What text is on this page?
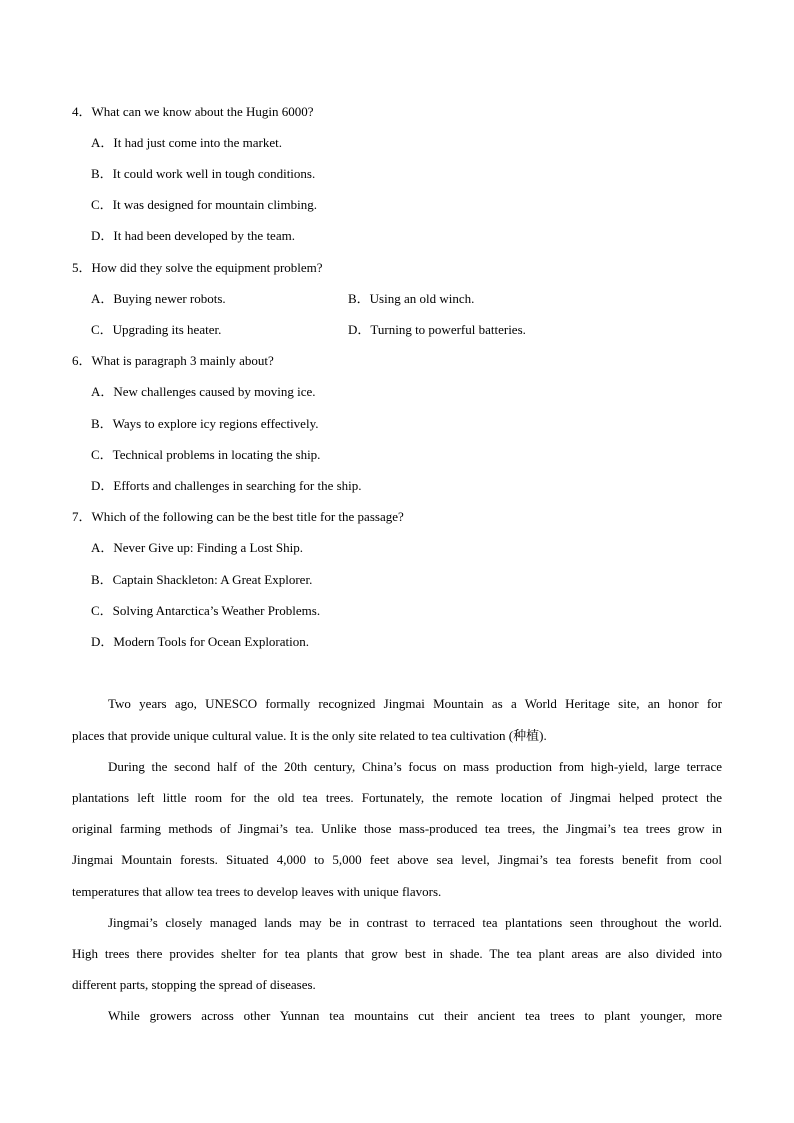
4．What can we know about the Hugin 6000?
A．It had just come into the market.
B．It could work well in tough conditions.
C．It was designed for mountain climbing.
D．It had been developed by the team.
5．How did they solve the equipment problem?
A．Buying newer robots.	B．Using an old winch.
C．Upgrading its heater.	D．Turning to powerful batteries.
6．What is paragraph 3 mainly about?
A．New challenges caused by moving ice.
B．Ways to explore icy regions effectively.
C．Technical problems in locating the ship.
D．Efforts and challenges in searching for the ship.
7．Which of the following can be the best title for the passage?
A．Never Give up: Finding a Lost Ship.
B．Captain Shackleton: A Great Explorer.
C．Solving Antarctica’s Weather Problems.
D．Modern Tools for Ocean Exploration.
Two years ago, UNESCO formally recognized Jingmai Mountain as a World Heritage site, an honor for
places that provide unique cultural value. It is the only site related to tea cultivation (种植).
During the second half of the 20th century, China’s focus on mass production from high-yield, large terrace
plantations left little room for the old tea trees. Fortunately, the remote location of Jingmai helped protect the
original farming methods of Jingmai’s tea. Unlike those mass-produced tea trees, the Jingmai’s tea trees grow in
Jingmai Mountain forests. Situated 4,000 to 5,000 feet above sea level, Jingmai’s tea forests benefit from cool
temperatures that allow tea trees to develop leaves with unique flavors.
Jingmai’s closely managed lands may be in contrast to terraced tea plantations seen throughout the world.
High trees there provides shelter for tea plants that grow best in shade. The tea plant areas are also divided into
different parts, stopping the spread of diseases.
While growers across other Yunnan tea mountains cut their ancient tea trees to plant younger, more
